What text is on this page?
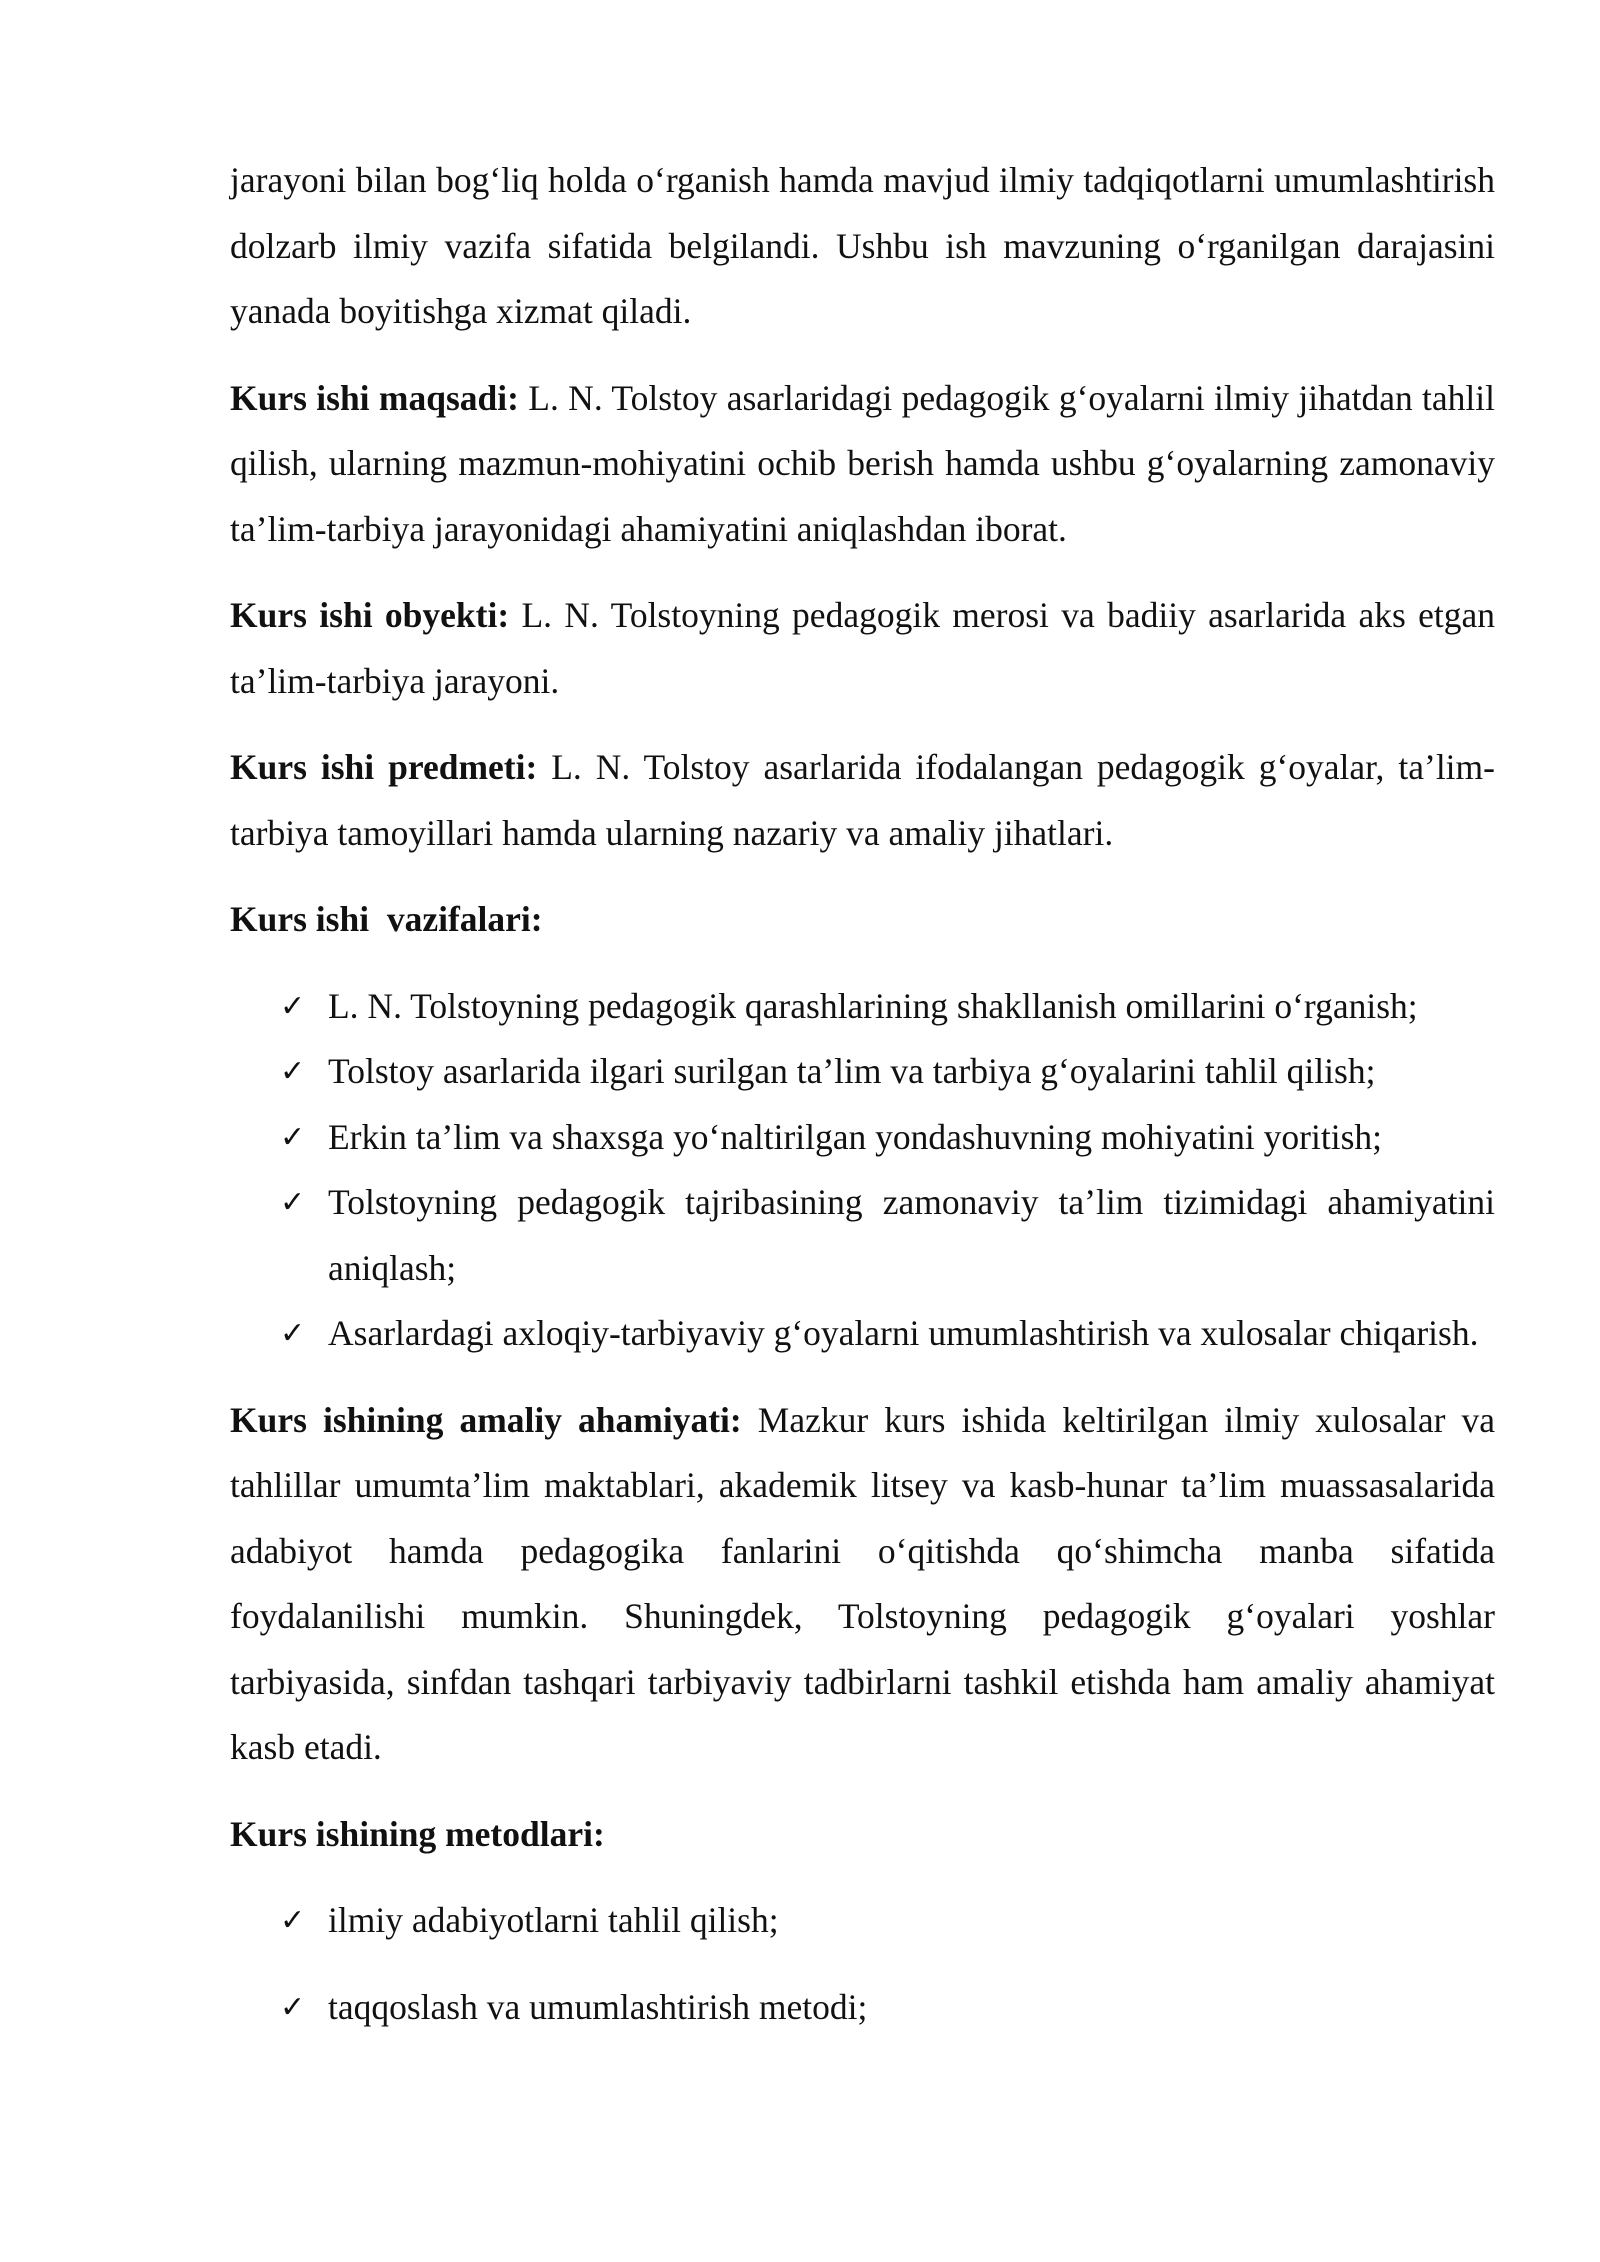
jarayoni bilan bog‘liq holda o‘rganish hamda mavjud ilmiy tadqiqotlarni umumlashtirish dolzarb ilmiy vazifa sifatida belgilandi. Ushbu ish mavzuning o‘rganilgan darajasini yanada boyitishga xizmat qiladi.

Kurs ishi maqsadi: L. N. Tolstoy asarlaridagi pedagogik g‘oyalarni ilmiy jihatdan tahlil qilish, ularning mazmun-mohiyatini ochib berish hamda ushbu g‘oyalarning zamonaviy ta’lim-tarbiya jarayonidagi ahamiyatini aniqlashdan iborat.

Kurs ishi obyekti: L. N. Tolstoyning pedagogik merosi va badiiy asarlarida aks etgan ta’lim-tarbiya jarayoni.

Kurs ishi predmeti: L. N. Tolstoy asarlarida ifodalangan pedagogik g‘oyalar, ta’lim-tarbiya tamoyillari hamda ularning nazariy va amaliy jihatlari.

Kurs ishi  vazifalari:

✓ L. N. Tolstoyning pedagogik qarashlarining shakllanish omillarini o‘rganish;
✓ Tolstoy asarlarida ilgari surilgan ta’lim va tarbiya g‘oyalarini tahlil qilish;
✓ Erkin ta’lim va shaxsga yo‘naltirilgan yondashuvning mohiyatini yoritish;
✓ Tolstoyning pedagogik tajribasining zamonaviy ta’lim tizimidagi ahamiyatini aniqlash;
✓ Asarlardagi axloqiy-tarbiyaviy g‘oyalarni umumlashtirish va xulosalar chiqarish.

Kurs ishining amaliy ahamiyati: Mazkur kurs ishida keltirilgan ilmiy xulosalar va tahlillar umumta’lim maktablari, akademik litsey va kasb-hunar ta’lim muassasalarida adabiyot hamda pedagogika fanlarini o‘qitishda qo‘shimcha manba sifatida foydalanilishi mumkin. Shuningdek, Tolstoyning pedagogik g‘oyalari yoshlar tarbiyasida, sinfdan tashqari tarbiyaviy tadbirlarni tashkil etishda ham amaliy ahamiyat kasb etadi.

Kurs ishining metodlari:

✓ ilmiy adabiyotlarni tahlil qilish;
✓ taqqoslash va umumlashtirish metodi;
